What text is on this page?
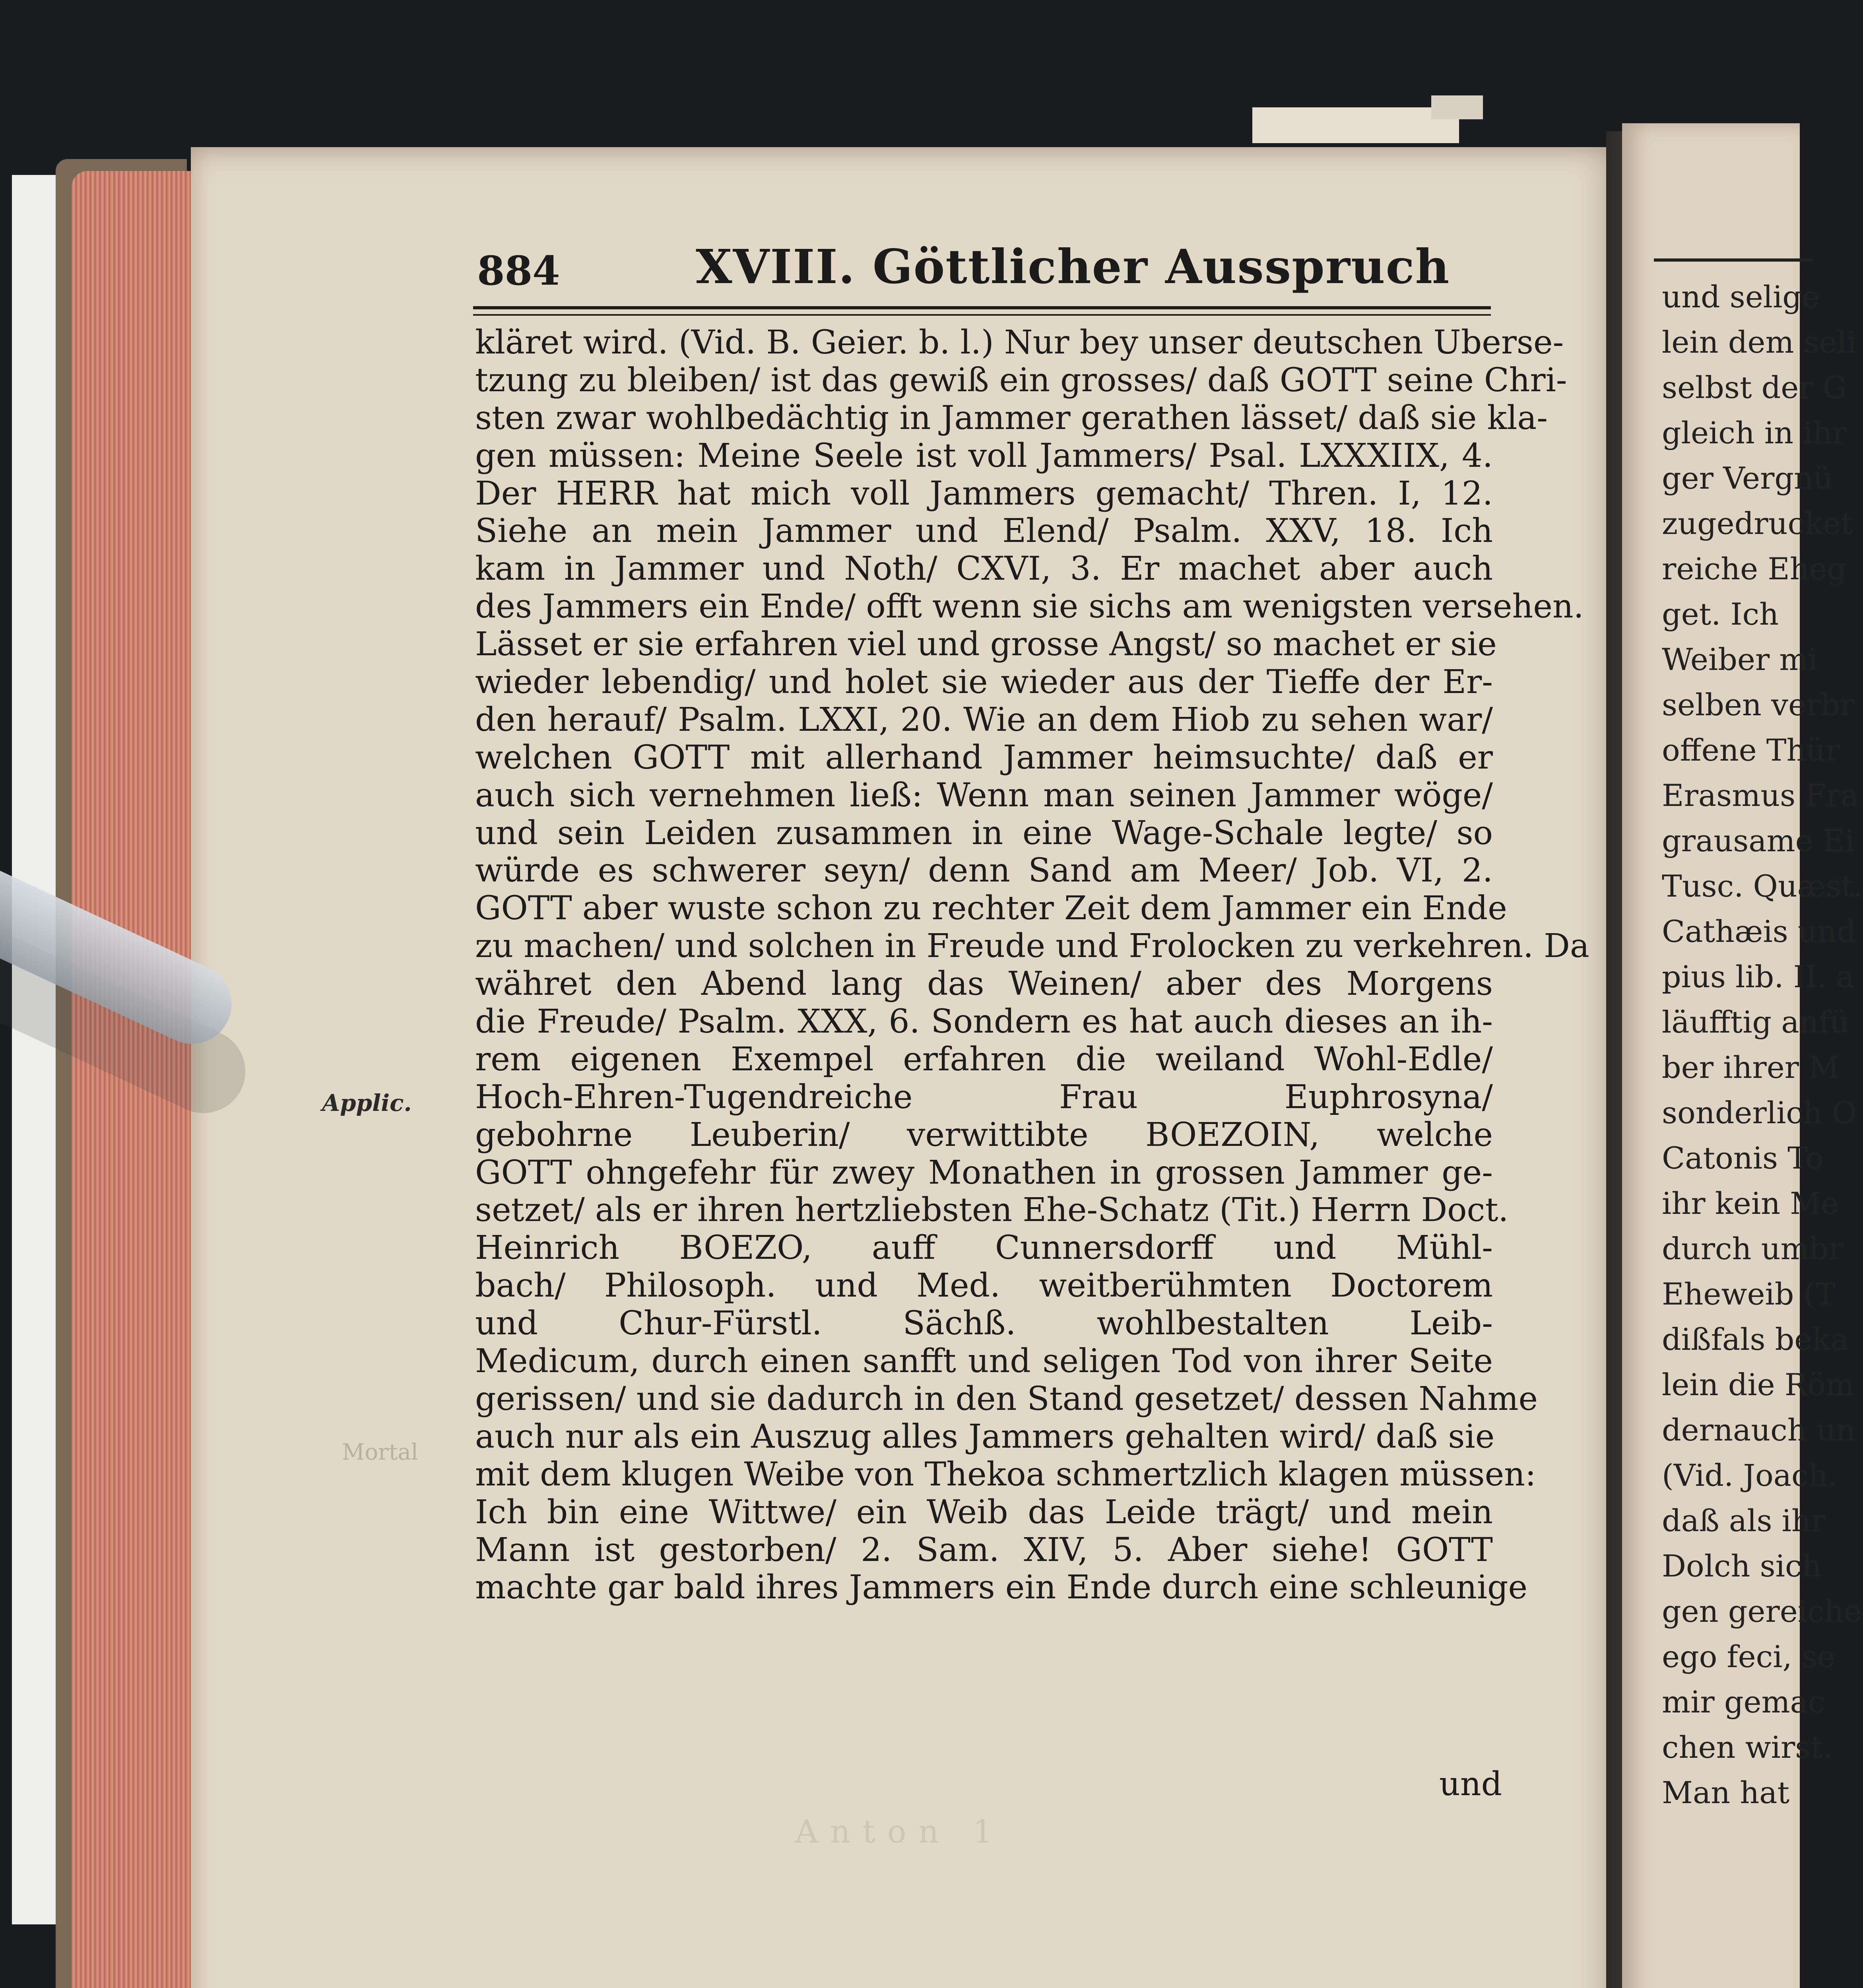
und selige
lein dem seli
selbst der G
gleich in ihr
ger Vergnü
zugedrucket
reiche Eheg
get. Ich
Weiber mi
selben verbr
offene Thür
Erasmus Fra
grausame Ei
Tusc. Quæst.
Cathæis und
pius lib. II. a
läufftig anfü
ber ihrer M
sonderlich O
Catonis To
ihr kein Me
durch umbr
Eheweib (T
dißfals beka
lein die Röm
dernauch un
(Vid. Joach.
daß als ihr
Dolch sich
gen gereiche
ego feci, se
mir gemac
chen wirst.
Man hat
884	XVIII. Göttlicher Ausspruch
kläret wird. (Vid. B. Geier. b. l.) Nur bey unser deutschen Uberse-
tzung zu bleiben/ ist das gewiß ein grosses/ daß GOTT seine Chri-
sten zwar wohlbedächtig in Jammer gerathen lässet/ daß sie kla-
gen müssen: Meine Seele ist voll Jammers/ Psal. LXXXIIX, 4.
Der HERR hat mich voll Jammers gemacht/ Thren. I, 12.
Siehe an mein Jammer und Elend/ Psalm. XXV, 18. Ich
kam in Jammer und Noth/ CXVI, 3. Er machet aber auch
des Jammers ein Ende/ offt wenn sie sichs am wenigsten versehen.
Lässet er sie erfahren viel und grosse Angst/ so machet er sie
wieder lebendig/ und holet sie wieder aus der Tieffe der Er-
den herauf/ Psalm. LXXI, 20. Wie an dem Hiob zu sehen war/
welchen GOTT mit allerhand Jammer heimsuchte/ daß er
auch sich vernehmen ließ: Wenn man seinen Jammer wöge/
und sein Leiden zusammen in eine Wage-Schale legte/ so
würde es schwerer seyn/ denn Sand am Meer/ Job. VI, 2.
GOTT aber wuste schon zu rechter Zeit dem Jammer ein Ende
zu machen/ und solchen in Freude und Frolocken zu verkehren. Da
währet den Abend lang das Weinen/ aber des Morgens
die Freude/ Psalm. XXX, 6. Sondern es hat auch dieses an ih-
rem eigenen Exempel erfahren die weiland Wohl-Edle/
Hoch-Ehren-Tugendreiche Frau Euphrosyna/
gebohrne Leuberin/ verwittibte BOEZOIN, welche
GOTT ohngefehr für zwey Monathen in grossen Jammer ge-
setzet/ als er ihren hertzliebsten Ehe-Schatz (Tit.) Herrn Doct.
Heinrich BOEZO, auff Cunnersdorff und Mühl-
bach/ Philosoph. und Med. weitberühmten Doctorem
und Chur-Fürstl. Sächß. wohlbestalten Leib-
Medicum, durch einen sanfft und seligen Tod von ihrer Seite
gerissen/ und sie dadurch in den Stand gesetzet/ dessen Nahme
auch nur als ein Auszug alles Jammers gehalten wird/ daß sie
mit dem klugen Weibe von Thekoa schmertzlich klagen müssen:
Ich bin eine Wittwe/ ein Weib das Leide trägt/ und mein
Mann ist gestorben/ 2. Sam. XIV, 5. Aber siehe! GOTT
machte gar bald ihres Jammers ein Ende durch eine schleunige
Applic.
Mortal
Anton 1
und
